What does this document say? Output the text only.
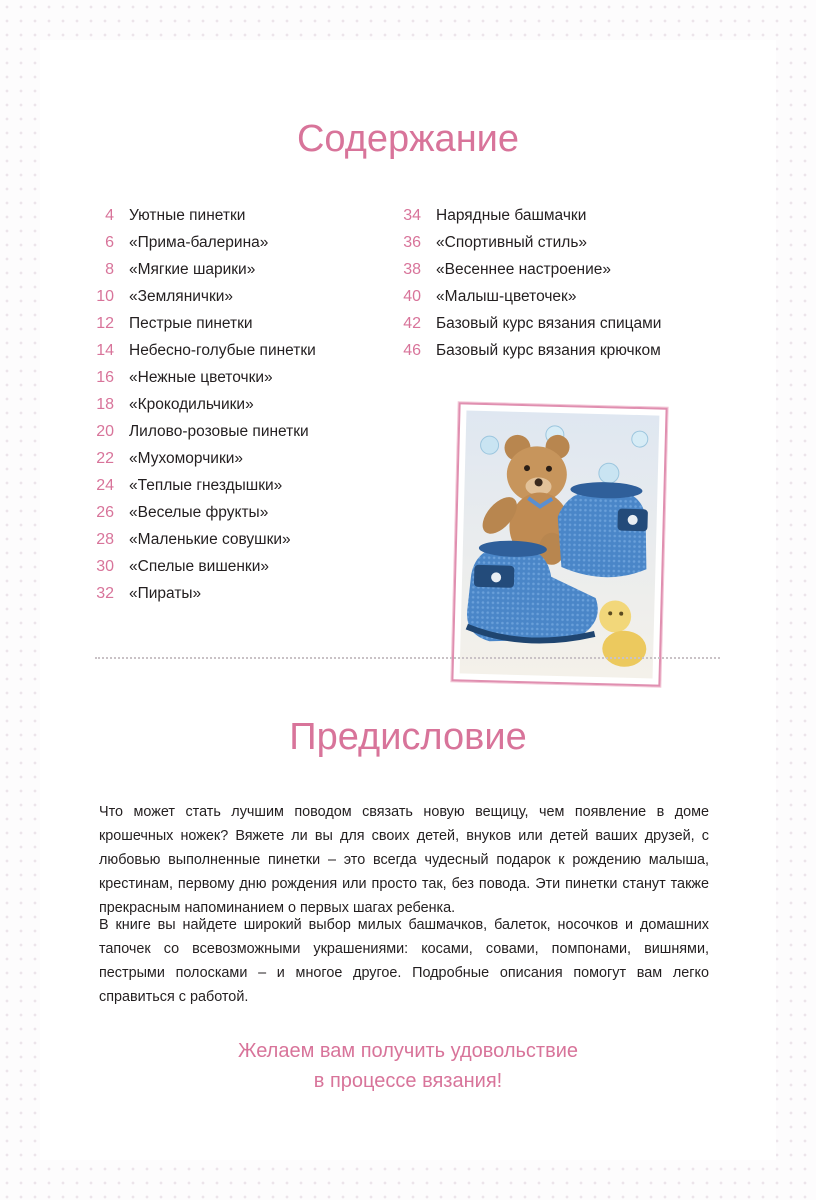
Содержание
4 Уютные пинетки
6 «Прима-балерина»
8 «Мягкие шарики»
10 «Землянички»
12 Пестрые пинетки
14 Небесно-голубые пинетки
16 «Нежные цветочки»
18 «Крокодильчики»
20 Лилово-розовые пинетки
22 «Мухоморчики»
24 «Теплые гнездышки»
26 «Веселые фрукты»
28 «Маленькие совушки»
30 «Спелые вишенки»
32 «Пираты»
34 Нарядные башмачки
36 «Спортивный стиль»
38 «Весеннее настроение»
40 «Малыш-цветочек»
42 Базовый курс вязания спицами
46 Базовый курс вязания крючком
Предисловие

Что может стать лучшим поводом связать новую вещицу, чем появление в доме крошечных ножек? Вяжете ли вы для своих детей, внуков или детей ваших друзей, с любовью выполненные пинетки – это всегда чудесный подарок к рождению малыша, крестинам, первому дню рождения или просто так, без повода. Эти пинетки станут также прекрасным напоминанием о первых шагах ребенка.

В книге вы найдете широкий выбор милых башмачков, балеток, носочков и домашних тапочек со всевозможными украшениями: косами, совами, помпонами, вишнями, пестрыми полосками – и многое другое. Подробные описания помогут вам легко справиться с работой.

Желаем вам получить удовольствие
в процессе вязания!
